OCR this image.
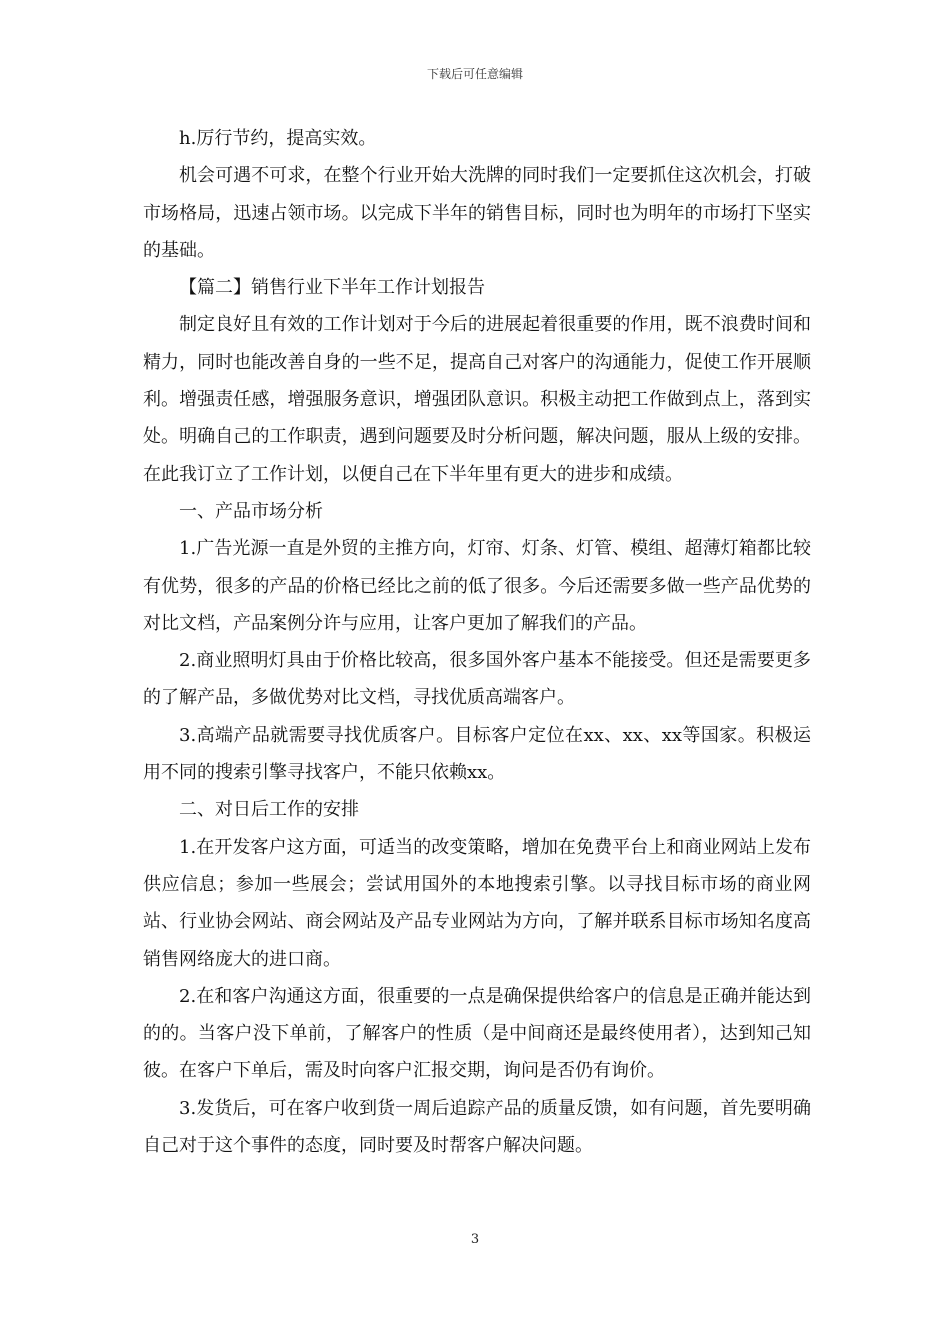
下载后可任意编辑

h.厉行节约，提高实效。

机会可遇不可求，在整个行业开始大洗牌的同时我们一定要抓住这次机会，打破市场格局，迅速占领市场。以完成下半年的销售目标，同时也为明年的市场打下坚实的基础。

【篇二】销售行业下半年工作计划报告

制定良好且有效的工作计划对于今后的进展起着很重要的作用，既不浪费时间和精力，同时也能改善自身的一些不足，提高自己对客户的沟通能力，促使工作开展顺利。增强责任感，增强服务意识，增强团队意识。积极主动把工作做到点上，落到实处。明确自己的工作职责，遇到问题要及时分析问题，解决问题，服从上级的安排。在此我订立了工作计划，以便自己在下半年里有更大的进步和成绩。

一、产品市场分析

1.广告光源一直是外贸的主推方向，灯帘、灯条、灯管、模组、超薄灯箱都比较有优势，很多的产品的价格已经比之前的低了很多。今后还需要多做一些产品优势的对比文档，产品案例分许与应用，让客户更加了解我们的产品。

2.商业照明灯具由于价格比较高，很多国外客户基本不能接受。但还是需要更多的了解产品，多做优势对比文档，寻找优质高端客户。

3.高端产品就需要寻找优质客户。目标客户定位在xx、xx、xx等国家。积极运用不同的搜索引擎寻找客户，不能只依赖xx。

二、对日后工作的安排

1.在开发客户这方面，可适当的改变策略，增加在免费平台上和商业网站上发布供应信息；参加一些展会；尝试用国外的本地搜索引擎。以寻找目标市场的商业网站、行业协会网站、商会网站及产品专业网站为方向，了解并联系目标市场知名度高销售网络庞大的进口商。

2.在和客户沟通这方面，很重要的一点是确保提供给客户的信息是正确并能达到的的。当客户没下单前，了解客户的性质（是中间商还是最终使用者），达到知己知彼。在客户下单后，需及时向客户汇报交期，询问是否仍有询价。

3.发货后，可在客户收到货一周后追踪产品的质量反馈，如有问题，首先要明确自己对于这个事件的态度，同时要及时帮客户解决问题。

3
